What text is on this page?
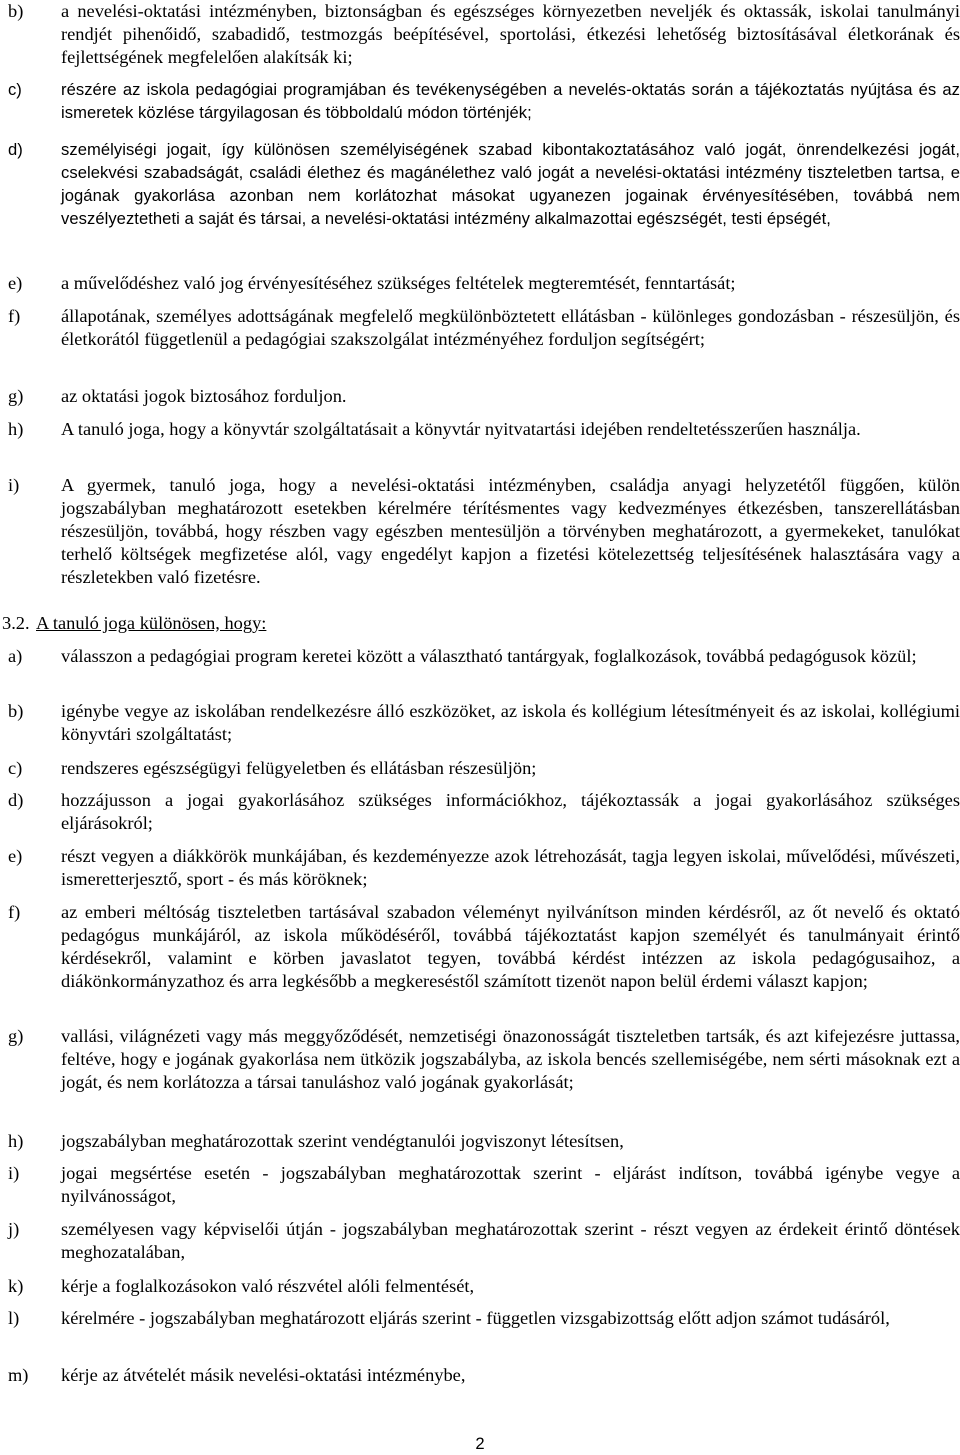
b)	a nevelési-oktatási intézményben, biztonságban és egészséges környezetben neveljék és oktassák, iskolai tanulmányi rendjét pihenőidő, szabadidő, testmozgás beépítésével, sportolási, étkezési lehetőség biztosításával életkorának és fejlettségének megfelelően alakítsák ki;
c)	részére az iskola pedagógiai programjában és tevékenységében a nevelés-oktatás során a tájékoztatás nyújtása és az ismeretek közlése tárgyilagosan és többoldalú módon történjék;
d)	személyiségi jogait, így különösen személyiségének szabad kibontakoztatásához való jogát, önrendelkezési jogát, cselekvési szabadságát, családi élethez és magánélethez való jogát a nevelési-oktatási intézmény tiszteletben tartsa, e jogának gyakorlása azonban nem korlátozhat másokat ugyanezen jogainak érvényesítésében, továbbá nem veszélyeztetheti a saját és társai, a nevelési-oktatási intézmény alkalmazottai egészségét, testi épségét,
e)	a művelődéshez való jog érvényesítéséhez szükséges feltételek megteremtését, fenntartását;
f)	állapotának, személyes adottságának megfelelő megkülönböztetett ellátásban - különleges gondozásban - részesüljön, és életkorától függetlenül a pedagógiai szakszolgálat intézményéhez forduljon segítségért;
g)	az oktatási jogok biztosához forduljon.
h)	A tanuló joga, hogy a könyvtár szolgáltatásait a könyvtár nyitvatartási idejében rendeltetésszerűen használja.
i)	A gyermek, tanuló joga, hogy a nevelési-oktatási intézményben, családja anyagi helyzetétől függően, külön jogszabályban meghatározott esetekben kérelmére térítésmentes vagy kedvezményes étkezésben, tanszerellátásban részesüljön, továbbá, hogy részben vagy egészben mentesüljön a törvényben meghatározott, a gyermekeket, tanulókat terhelő költségek megfizetése alól, vagy engedélyt kapjon a fizetési kötelezettség teljesítésének halasztására vagy a részletekben való fizetésre.
3.2. A tanuló joga különösen, hogy:
a)	válasszon a pedagógiai program keretei között a választható tantárgyak, foglalkozások, továbbá pedagógusok közül;
b)	igénybe vegye az iskolában rendelkezésre álló eszközöket, az iskola és kollégium létesítményeit és az iskolai, kollégiumi könyvtári szolgáltatást;
c)	rendszeres egészségügyi felügyeletben és ellátásban részesüljön;
d)	hozzájusson a jogai gyakorlásához szükséges információkhoz, tájékoztassák a jogai gyakorlásához szükséges eljárásokról;
e)	részt vegyen a diákkörök munkájában, és kezdeményezze azok létrehozását, tagja legyen iskolai, művelődési, művészeti, ismeretterjesztő, sport - és más köröknek;
f)	az emberi méltóság tiszteletben tartásával szabadon véleményt nyilvánítson minden kérdésről, az őt nevelő és oktató pedagógus munkájáról, az iskola működéséről, továbbá tájékoztatást kapjon személyét és tanulmányait érintő kérdésekről, valamint e körben javaslatot tegyen, továbbá kérdést intézzen az iskola pedagógusaihoz, a diákönkormányzathoz és arra legkésőbb a megkereséstől számított tizenöt napon belül érdemi választ kapjon;
g)	vallási, világnézeti vagy más meggyőződését, nemzetiségi önazonosságát tiszteletben tartsák, és azt kifejezésre juttassa, feltéve, hogy e jogának gyakorlása nem ütközik jogszabályba, az iskola bencés szellemiségébe, nem sérti másoknak ezt a jogát, és nem korlátozza a társai tanuláshoz való jogának gyakorlását;
h)	jogszabályban meghatározottak szerint vendégtanulói jogviszonyt létesítsen,
i)	jogai megsértése esetén - jogszabályban meghatározottak szerint - eljárást indítson, továbbá igénybe vegye a nyilvánosságot,
j)	személyesen vagy képviselői útján - jogszabályban meghatározottak szerint - részt vegyen az érdekeit érintő döntések meghozatalában,
k)	kérje a foglalkozásokon való részvétel alóli felmentését,
l)	kérelmére - jogszabályban meghatározott eljárás szerint - független vizsgabizottság előtt adjon számot tudásáról,
m)	kérje az átvételét másik nevelési-oktatási intézménybe,
2
